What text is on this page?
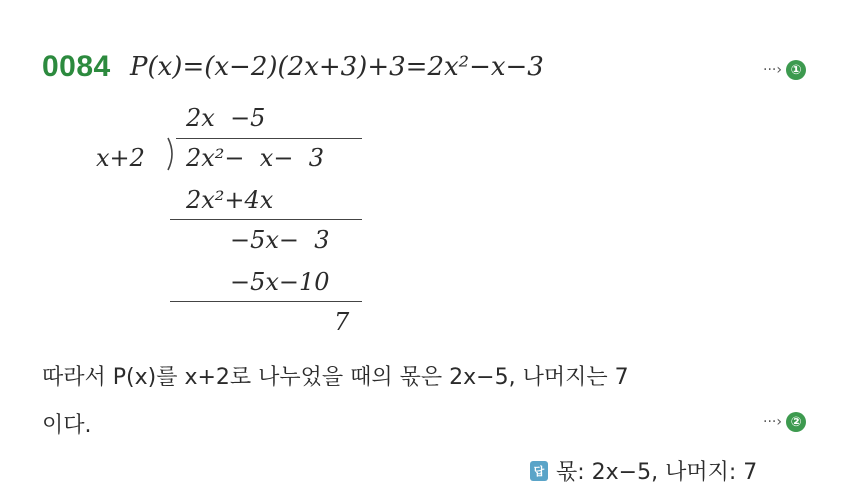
0084 P(x)=(x−2)(2x+3)+3=2x²−x−3	···› ①
2x  −5
x+2 2x²−  x−  3
2x²+4x
−5x−  3
−5x−10
7
따라서 P(x)를 x+2로 나누었을 때의 몫은 2x−5, 나머지는 7
이다.	···› ②
답 몫: 2x−5, 나머지: 7
